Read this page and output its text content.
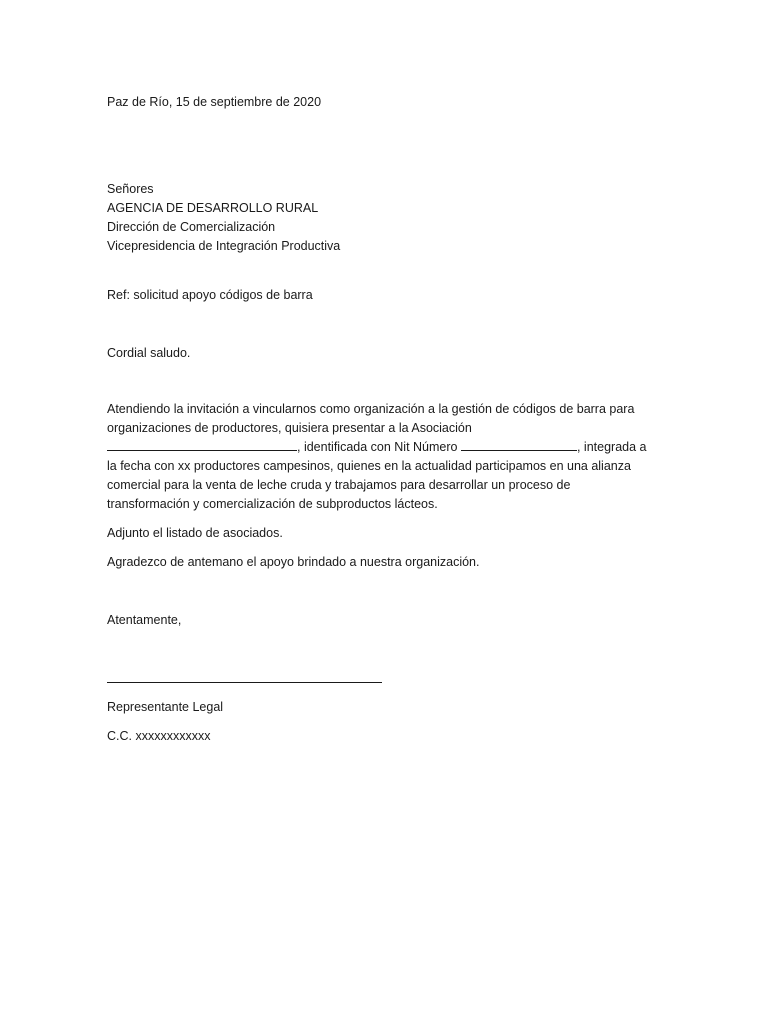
Paz de Río, 15 de septiembre de 2020

Señores
AGENCIA DE DESARROLLO RURAL
Dirección de Comercialización
Vicepresidencia de Integración Productiva

Ref: solicitud apoyo códigos de barra

Cordial saludo.

Atendiendo la invitación a vincularnos como organización a la gestión de códigos de barra para
organizaciones de productores, quisiera presentar a la Asociación
, identificada con Nit Número	, integrada a
la fecha con xx productores campesinos, quienes en la actualidad participamos en una alianza
comercial para la venta de leche cruda y trabajamos para desarrollar un proceso de
transformación y comercialización de subproductos lácteos.

Adjunto el listado de asociados.

Agradezco de antemano el apoyo brindado a nuestra organización.

Atentamente,

Representante Legal

C.C. xxxxxxxxxxxx
